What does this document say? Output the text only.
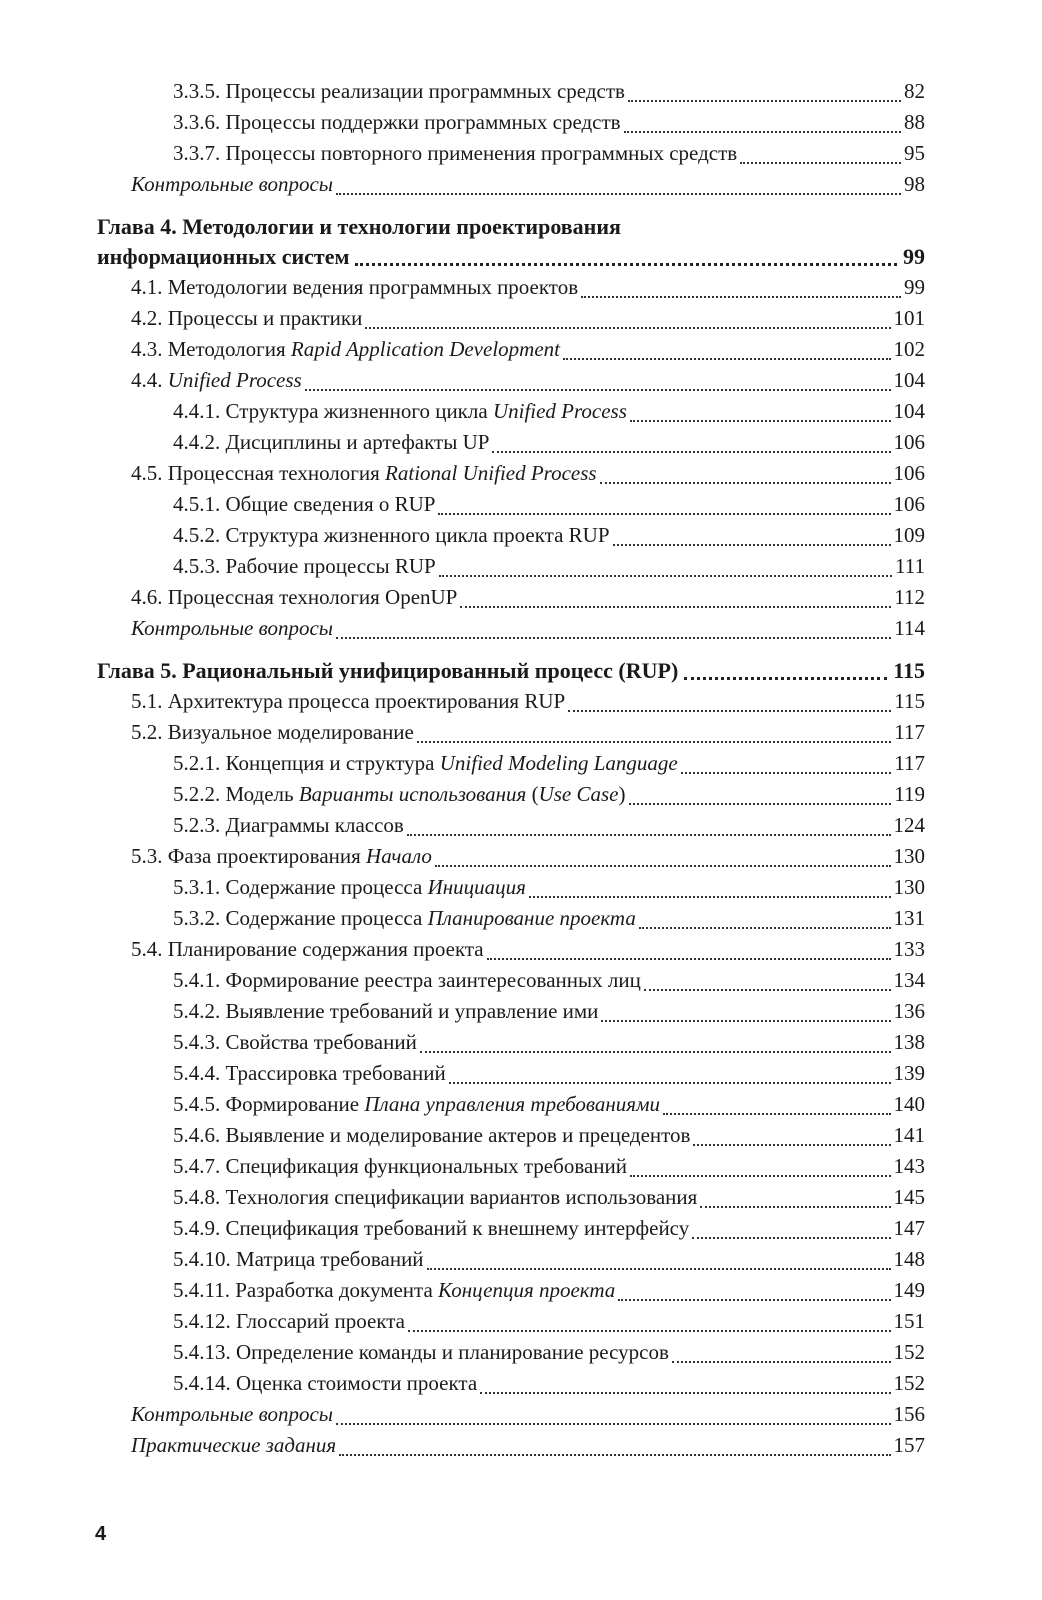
3.3.5. Процессы реализации программных средств	82
3.3.6. Процессы поддержки программных средств	88
3.3.7. Процессы повторного применения программных средств	95
Контрольные вопросы	98
Глава 4. Методологии и технологии проектирования
информационных систем	99
4.1. Методологии ведения программных проектов	99
4.2. Процессы и практики	101
4.3. Методология Rapid Application Development	102
4.4. Unified Process	104
4.4.1. Структура жизненного цикла Unified Process	104
4.4.2. Дисциплины и артефакты UP	106
4.5. Процессная технология Rational Unified Process	106
4.5.1. Общие сведения о RUP	106
4.5.2. Структура жизненного цикла проекта RUP	109
4.5.3. Рабочие процессы RUP	111
4.6. Процессная технология OpenUP	112
Контрольные вопросы	114
Глава 5. Рациональный унифицированный процесс (RUP)	115
5.1. Архитектура процесса проектирования RUP	115
5.2. Визуальное моделирование	117
5.2.1. Концепция и структура Unified Modeling Language	117
5.2.2. Модель Варианты использования (Use Case)	119
5.2.3. Диаграммы классов	124
5.3. Фаза проектирования Начало	130
5.3.1. Содержание процесса Инициация	130
5.3.2. Содержание процесса Планирование проекта	131
5.4. Планирование содержания проекта	133
5.4.1. Формирование реестра заинтересованных лиц	134
5.4.2. Выявление требований и управление ими	136
5.4.3. Свойства требований	138
5.4.4. Трассировка требований	139
5.4.5. Формирование Плана управления требованиями	140
5.4.6. Выявление и моделирование актеров и прецедентов	141
5.4.7. Спецификация функциональных требований	143
5.4.8. Технология спецификации вариантов использования	145
5.4.9. Спецификация требований к внешнему интерфейсу	147
5.4.10. Матрица требований	148
5.4.11. Разработка документа Концепция проекта	149
5.4.12. Глоссарий проекта	151
5.4.13. Определение команды и планирование ресурсов	152
5.4.14. Оценка стоимости проекта	152
Контрольные вопросы	156
Практические задания	157
4
